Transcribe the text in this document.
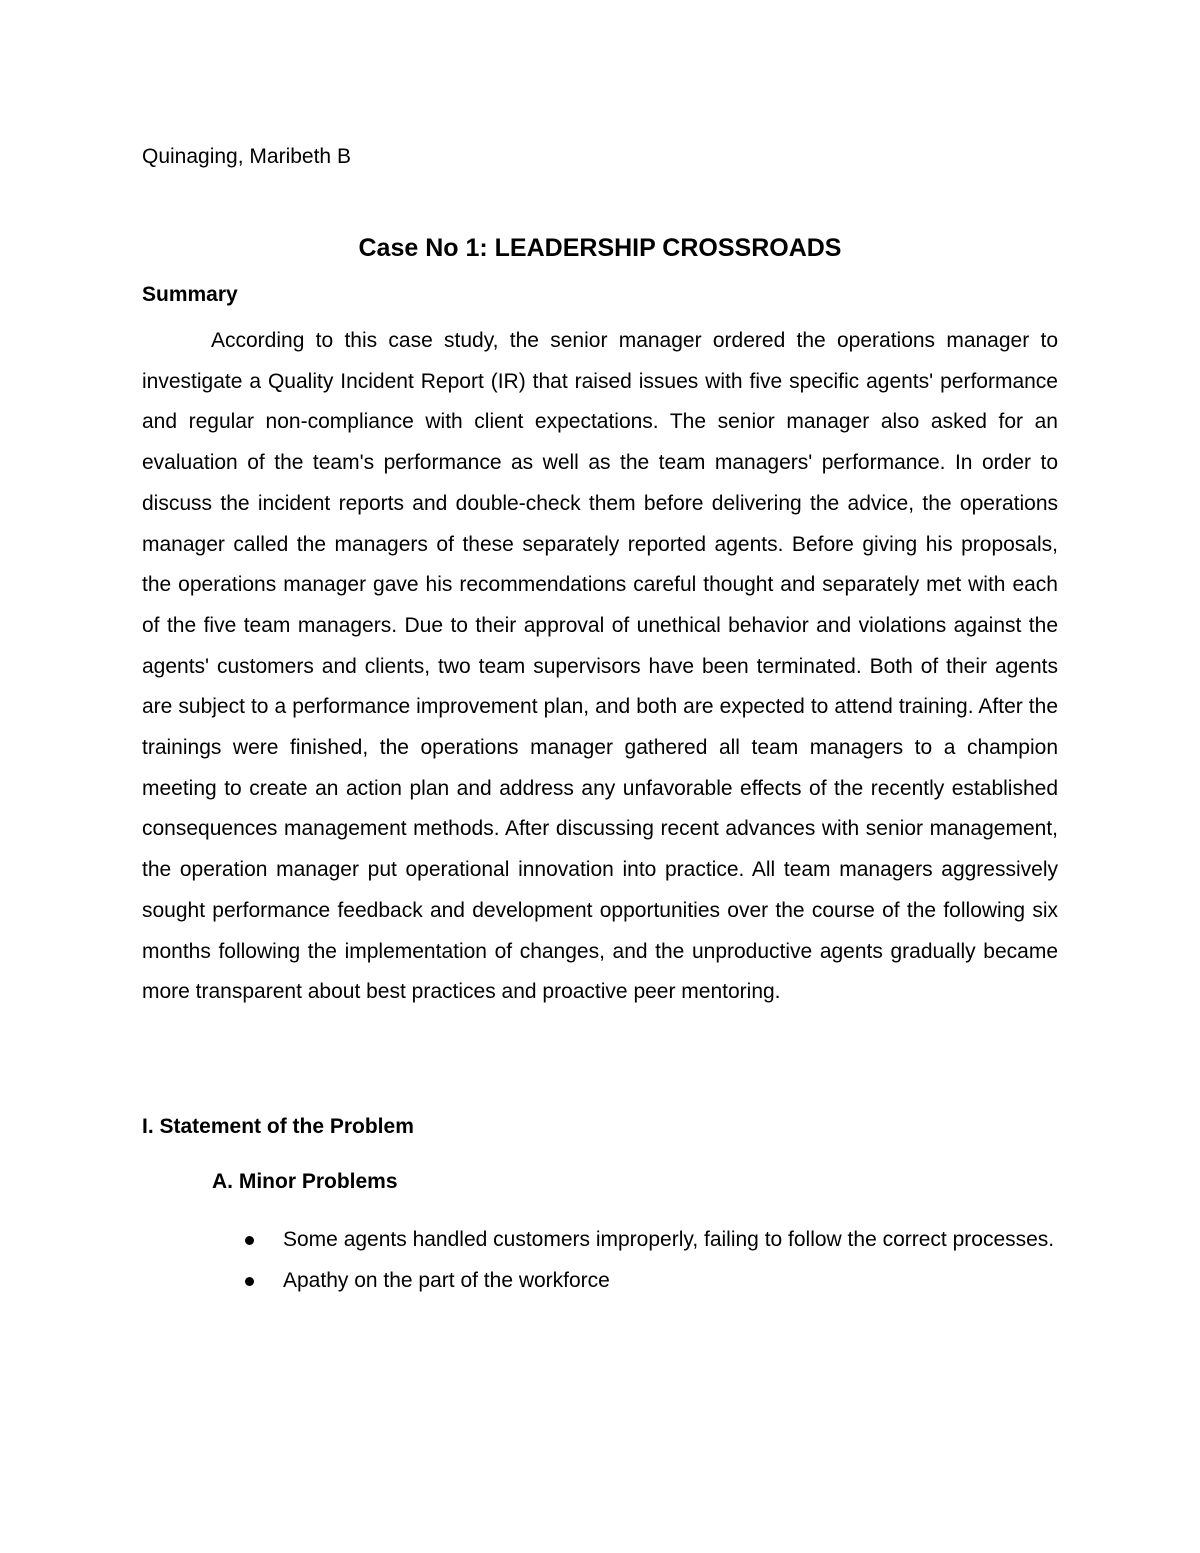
Quinaging, Maribeth B
Case No 1: LEADERSHIP CROSSROADS
Summary

According to this case study, the senior manager ordered the operations manager to investigate a Quality Incident Report (IR) that raised issues with five specific agents' performance and regular non-compliance with client expectations. The senior manager also asked for an evaluation of the team's performance as well as the team managers' performance. In order to discuss the incident reports and double-check them before delivering the advice, the operations manager called the managers of these separately reported agents. Before giving his proposals, the operations manager gave his recommendations careful thought and separately met with each of the five team managers. Due to their approval of unethical behavior and violations against the agents' customers and clients, two team supervisors have been terminated. Both of their agents are subject to a performance improvement plan, and both are expected to attend training. After the trainings were finished, the operations manager gathered all team managers to a champion meeting to create an action plan and address any unfavorable effects of the recently established consequences management methods. After discussing recent advances with senior management, the operation manager put operational innovation into practice. All team managers aggressively sought performance feedback and development opportunities over the course of the following six months following the implementation of changes, and the unproductive agents gradually became more transparent about best practices and proactive peer mentoring.

I. Statement of the Problem
A. Minor Problems
Some agents handled customers improperly, failing to follow the correct processes.
Apathy on the part of the workforce
